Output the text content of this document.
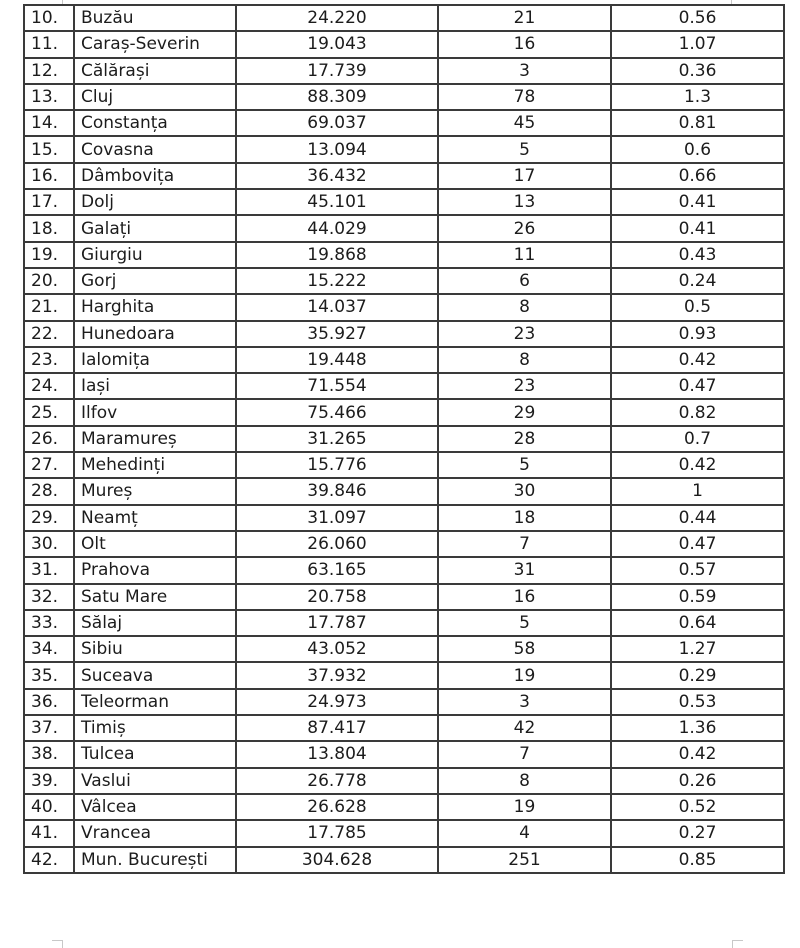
10.	Buzău	24.220	21	0.56
11.	Caraș-Severin	19.043	16	1.07
12.	Călărași	17.739	3	0.36
13.	Cluj	88.309	78	1.3
14.	Constanța	69.037	45	0.81
15.	Covasna	13.094	5	0.6
16.	Dâmbovița	36.432	17	0.66
17.	Dolj	45.101	13	0.41
18.	Galați	44.029	26	0.41
19.	Giurgiu	19.868	11	0.43
20.	Gorj	15.222	6	0.24
21.	Harghita	14.037	8	0.5
22.	Hunedoara	35.927	23	0.93
23.	Ialomița	19.448	8	0.42
24.	Iași	71.554	23	0.47
25.	Ilfov	75.466	29	0.82
26.	Maramureș	31.265	28	0.7
27.	Mehedinți	15.776	5	0.42
28.	Mureș	39.846	30	1
29.	Neamț	31.097	18	0.44
30.	Olt	26.060	7	0.47
31.	Prahova	63.165	31	0.57
32.	Satu Mare	20.758	16	0.59
33.	Sălaj	17.787	5	0.64
34.	Sibiu	43.052	58	1.27
35.	Suceava	37.932	19	0.29
36.	Teleorman	24.973	3	0.53
37.	Timiș	87.417	42	1.36
38.	Tulcea	13.804	7	0.42
39.	Vaslui	26.778	8	0.26
40.	Vâlcea	26.628	19	0.52
41.	Vrancea	17.785	4	0.27
42.	Mun. București	304.628	251	0.85
